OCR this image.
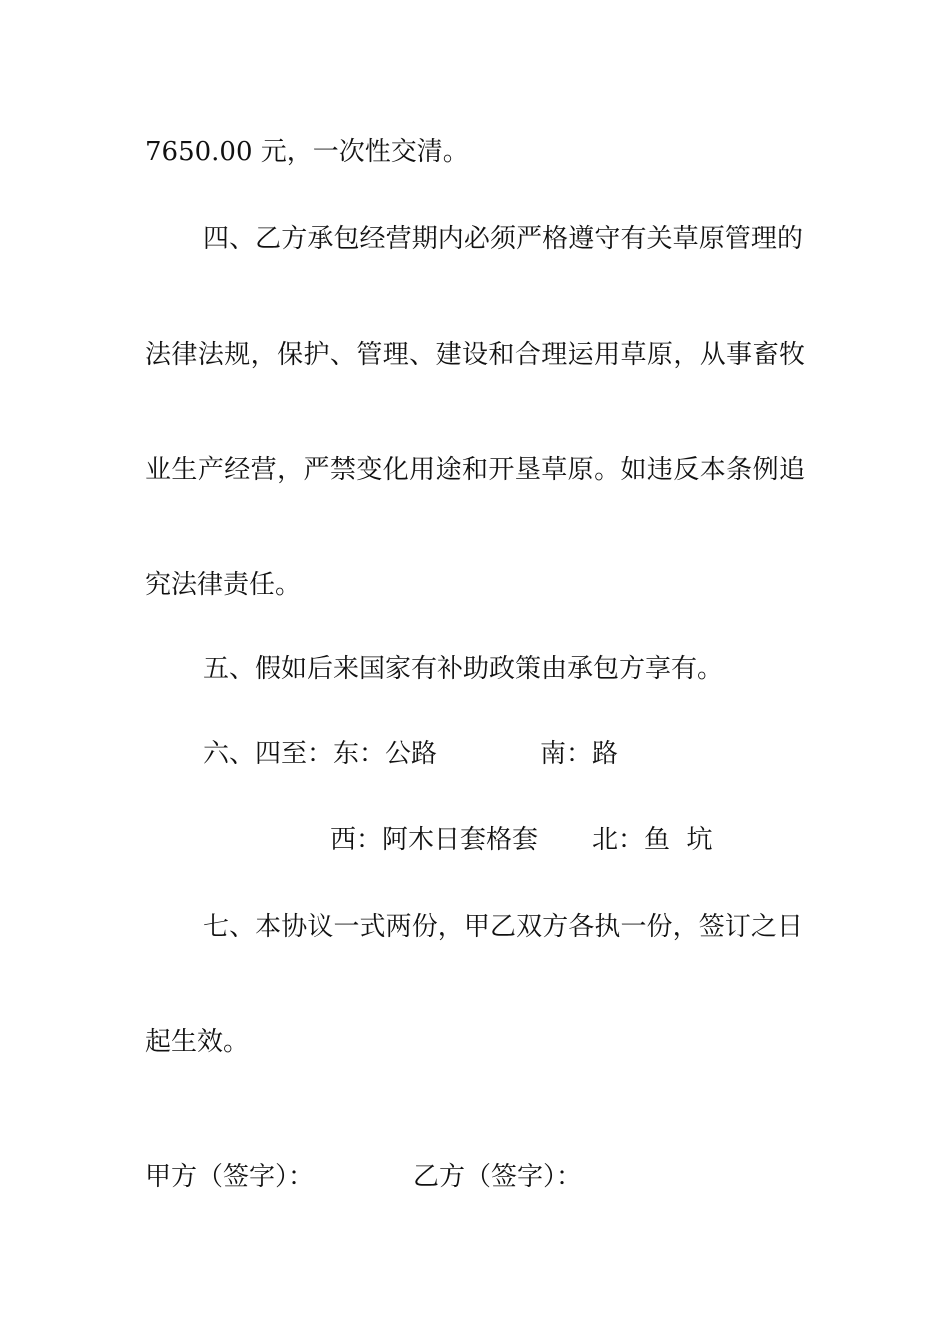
7650.00 元，一次性交清。

四、乙方承包经营期内必须严格遵守有关草原管理的

法律法规，保护、管理、建设和合理运用草原，从事畜牧

业生产经营，严禁变化用途和开垦草原。如违反本条例追

究法律责任。

五、假如后来国家有补助政策由承包方享有。

六、四至： 东：公路	南：路
西：阿木日套格套 北：鱼  坑

七、本协议一式两份，甲乙双方各执一份，签订之日

起生效。

甲方（签字）：	乙方（签字）：
